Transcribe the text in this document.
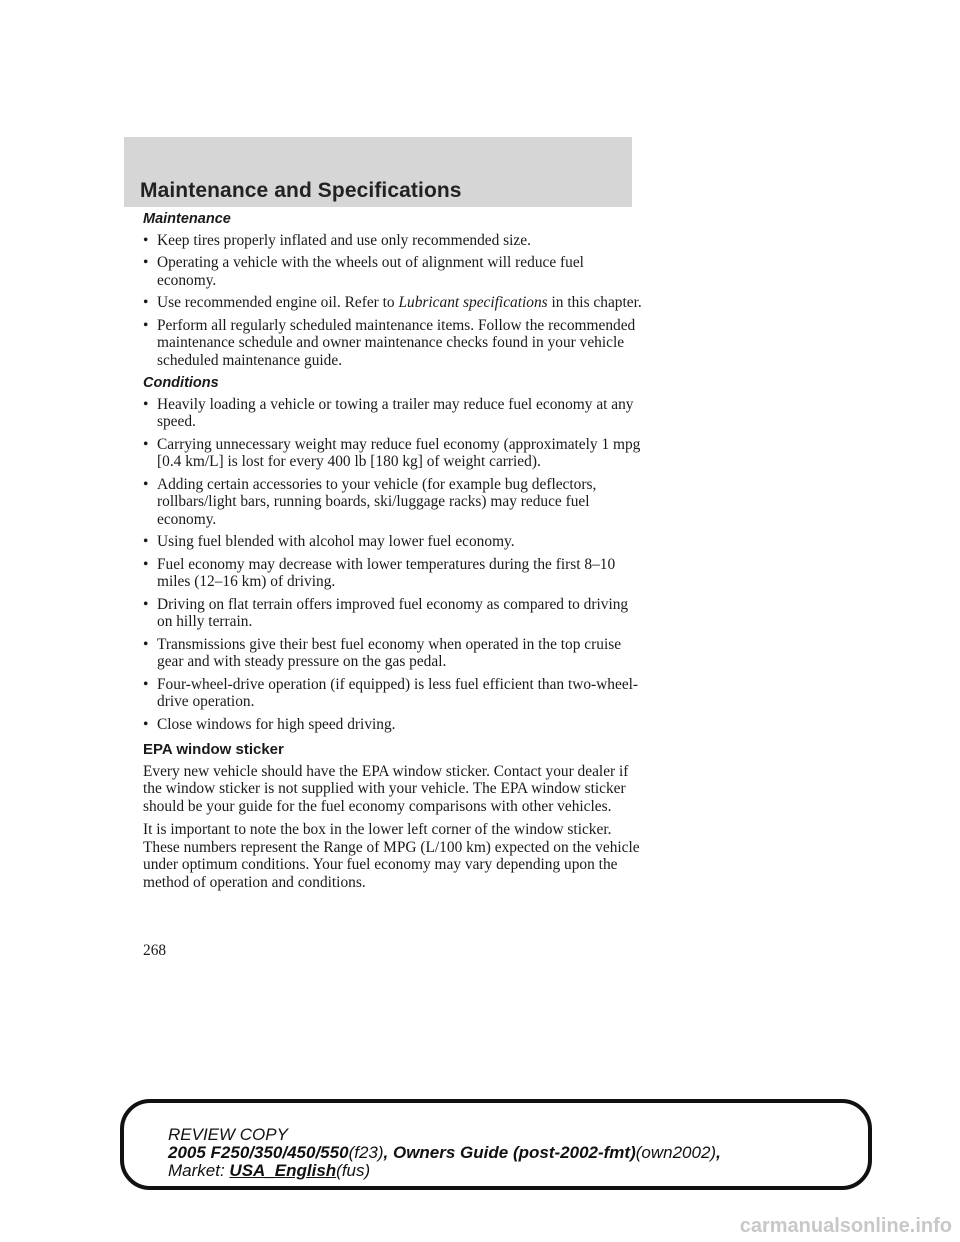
Maintenance and Specifications
Maintenance
• Keep tires properly inflated and use only recommended size.
• Operating a vehicle with the wheels out of alignment will reduce fuel economy.
• Use recommended engine oil. Refer to Lubricant specifications in this chapter.
• Perform all regularly scheduled maintenance items. Follow the recommended maintenance schedule and owner maintenance checks found in your vehicle scheduled maintenance guide.
Conditions
• Heavily loading a vehicle or towing a trailer may reduce fuel economy at any speed.
• Carrying unnecessary weight may reduce fuel economy (approximately 1 mpg [0.4 km/L] is lost for every 400 lb [180 kg] of weight carried).
• Adding certain accessories to your vehicle (for example bug deflectors, rollbars/light bars, running boards, ski/luggage racks) may reduce fuel economy.
• Using fuel blended with alcohol may lower fuel economy.
• Fuel economy may decrease with lower temperatures during the first 8–10 miles (12–16 km) of driving.
• Driving on flat terrain offers improved fuel economy as compared to driving on hilly terrain.
• Transmissions give their best fuel economy when operated in the top cruise gear and with steady pressure on the gas pedal.
• Four-wheel-drive operation (if equipped) is less fuel efficient than two-wheel-drive operation.
• Close windows for high speed driving.
EPA window sticker

Every new vehicle should have the EPA window sticker. Contact your dealer if the window sticker is not supplied with your vehicle. The EPA window sticker should be your guide for the fuel economy comparisons with other vehicles.

It is important to note the box in the lower left corner of the window sticker. These numbers represent the Range of MPG (L/100 km) expected on the vehicle under optimum conditions. Your fuel economy may vary depending upon the method of operation and conditions.

268
REVIEW COPY
2005 F250/350/450/550(f23), Owners Guide (post-2002-fmt)(own2002),
Market: USA_English(fus)
carmanualsonline.info
